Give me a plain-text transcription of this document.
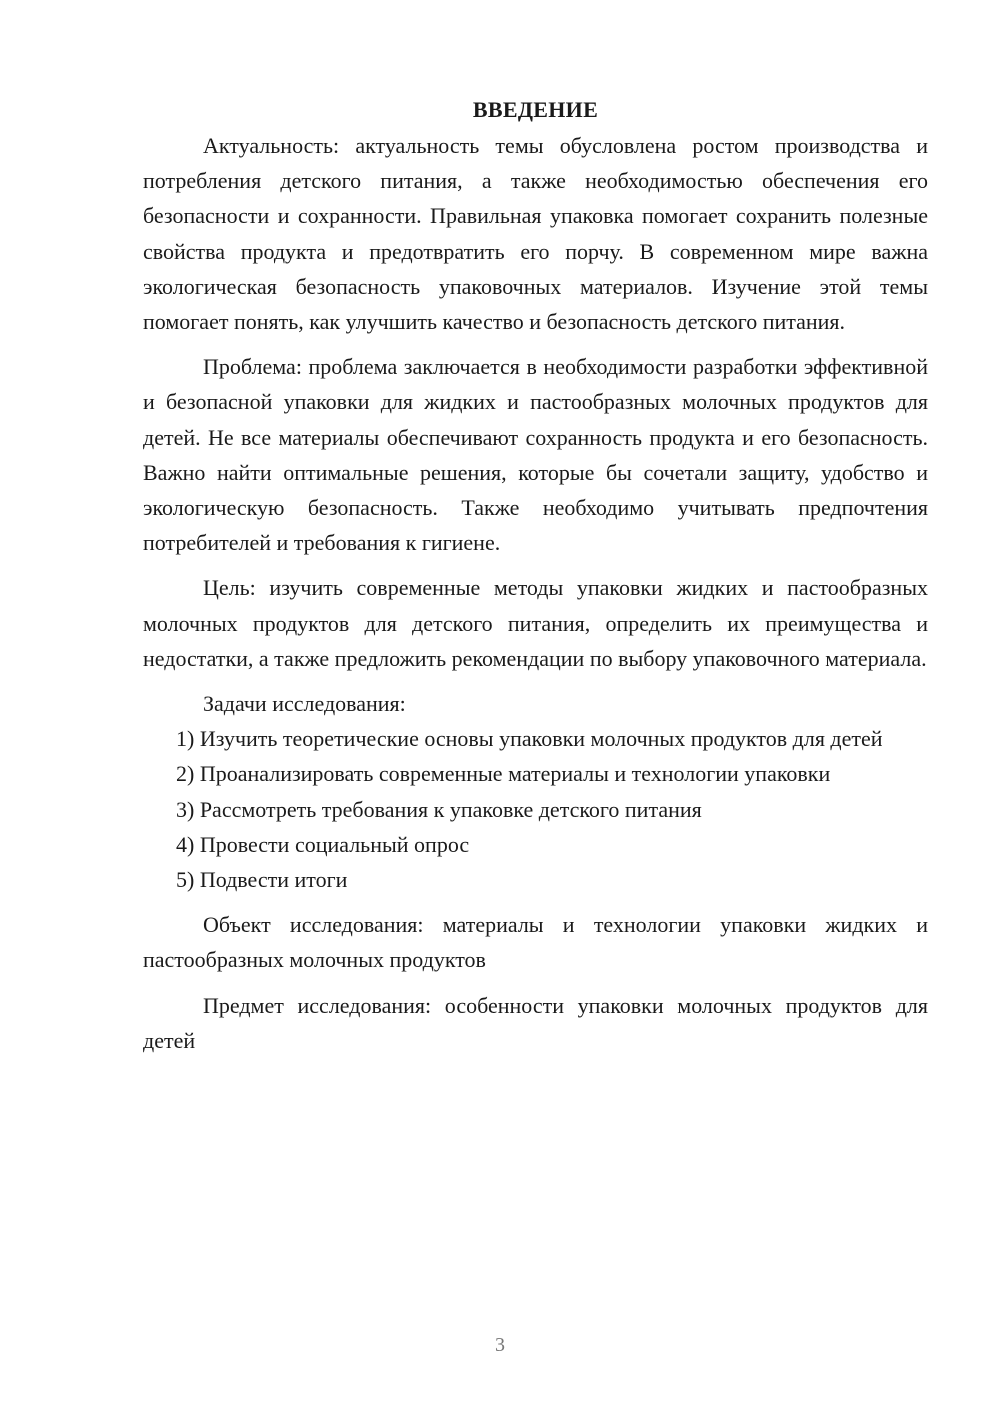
ВВЕДЕНИЕ

Актуальность: актуальность темы обусловлена ростом производства и потребления детского питания, а также необходимостью обеспечения его безопасности и сохранности. Правильная упаковка помогает сохранить полезные свойства продукта и предотвратить его порчу. В современном мире важна экологическая безопасность упаковочных материалов. Изучение этой темы помогает понять, как улучшить качество и безопасность детского питания.

Проблема: проблема заключается в необходимости разработки эффективной и безопасной упаковки для жидких и пастообразных молочных продуктов для детей. Не все материалы обеспечивают сохранность продукта и его безопасность. Важно найти оптимальные решения, которые бы сочетали защиту, удобство и экологическую безопасность. Также необходимо учитывать предпочтения потребителей и требования к гигиене.

Цель: изучить современные методы упаковки жидких и пастообразных молочных продуктов для детского питания, определить их преимущества и недостатки, а также предложить рекомендации по выбору упаковочного материала.

Задачи исследования:

1) Изучить теоретические основы упаковки молочных продуктов для детей

2) Проанализировать современные материалы и технологии упаковки

3) Рассмотреть требования к упаковке детского питания

4) Провести социальный опрос

5) Подвести итоги

Объект исследования: материалы и технологии упаковки жидких и пастообразных молочных продуктов

Предмет исследования: особенности упаковки молочных продуктов для детей

3
